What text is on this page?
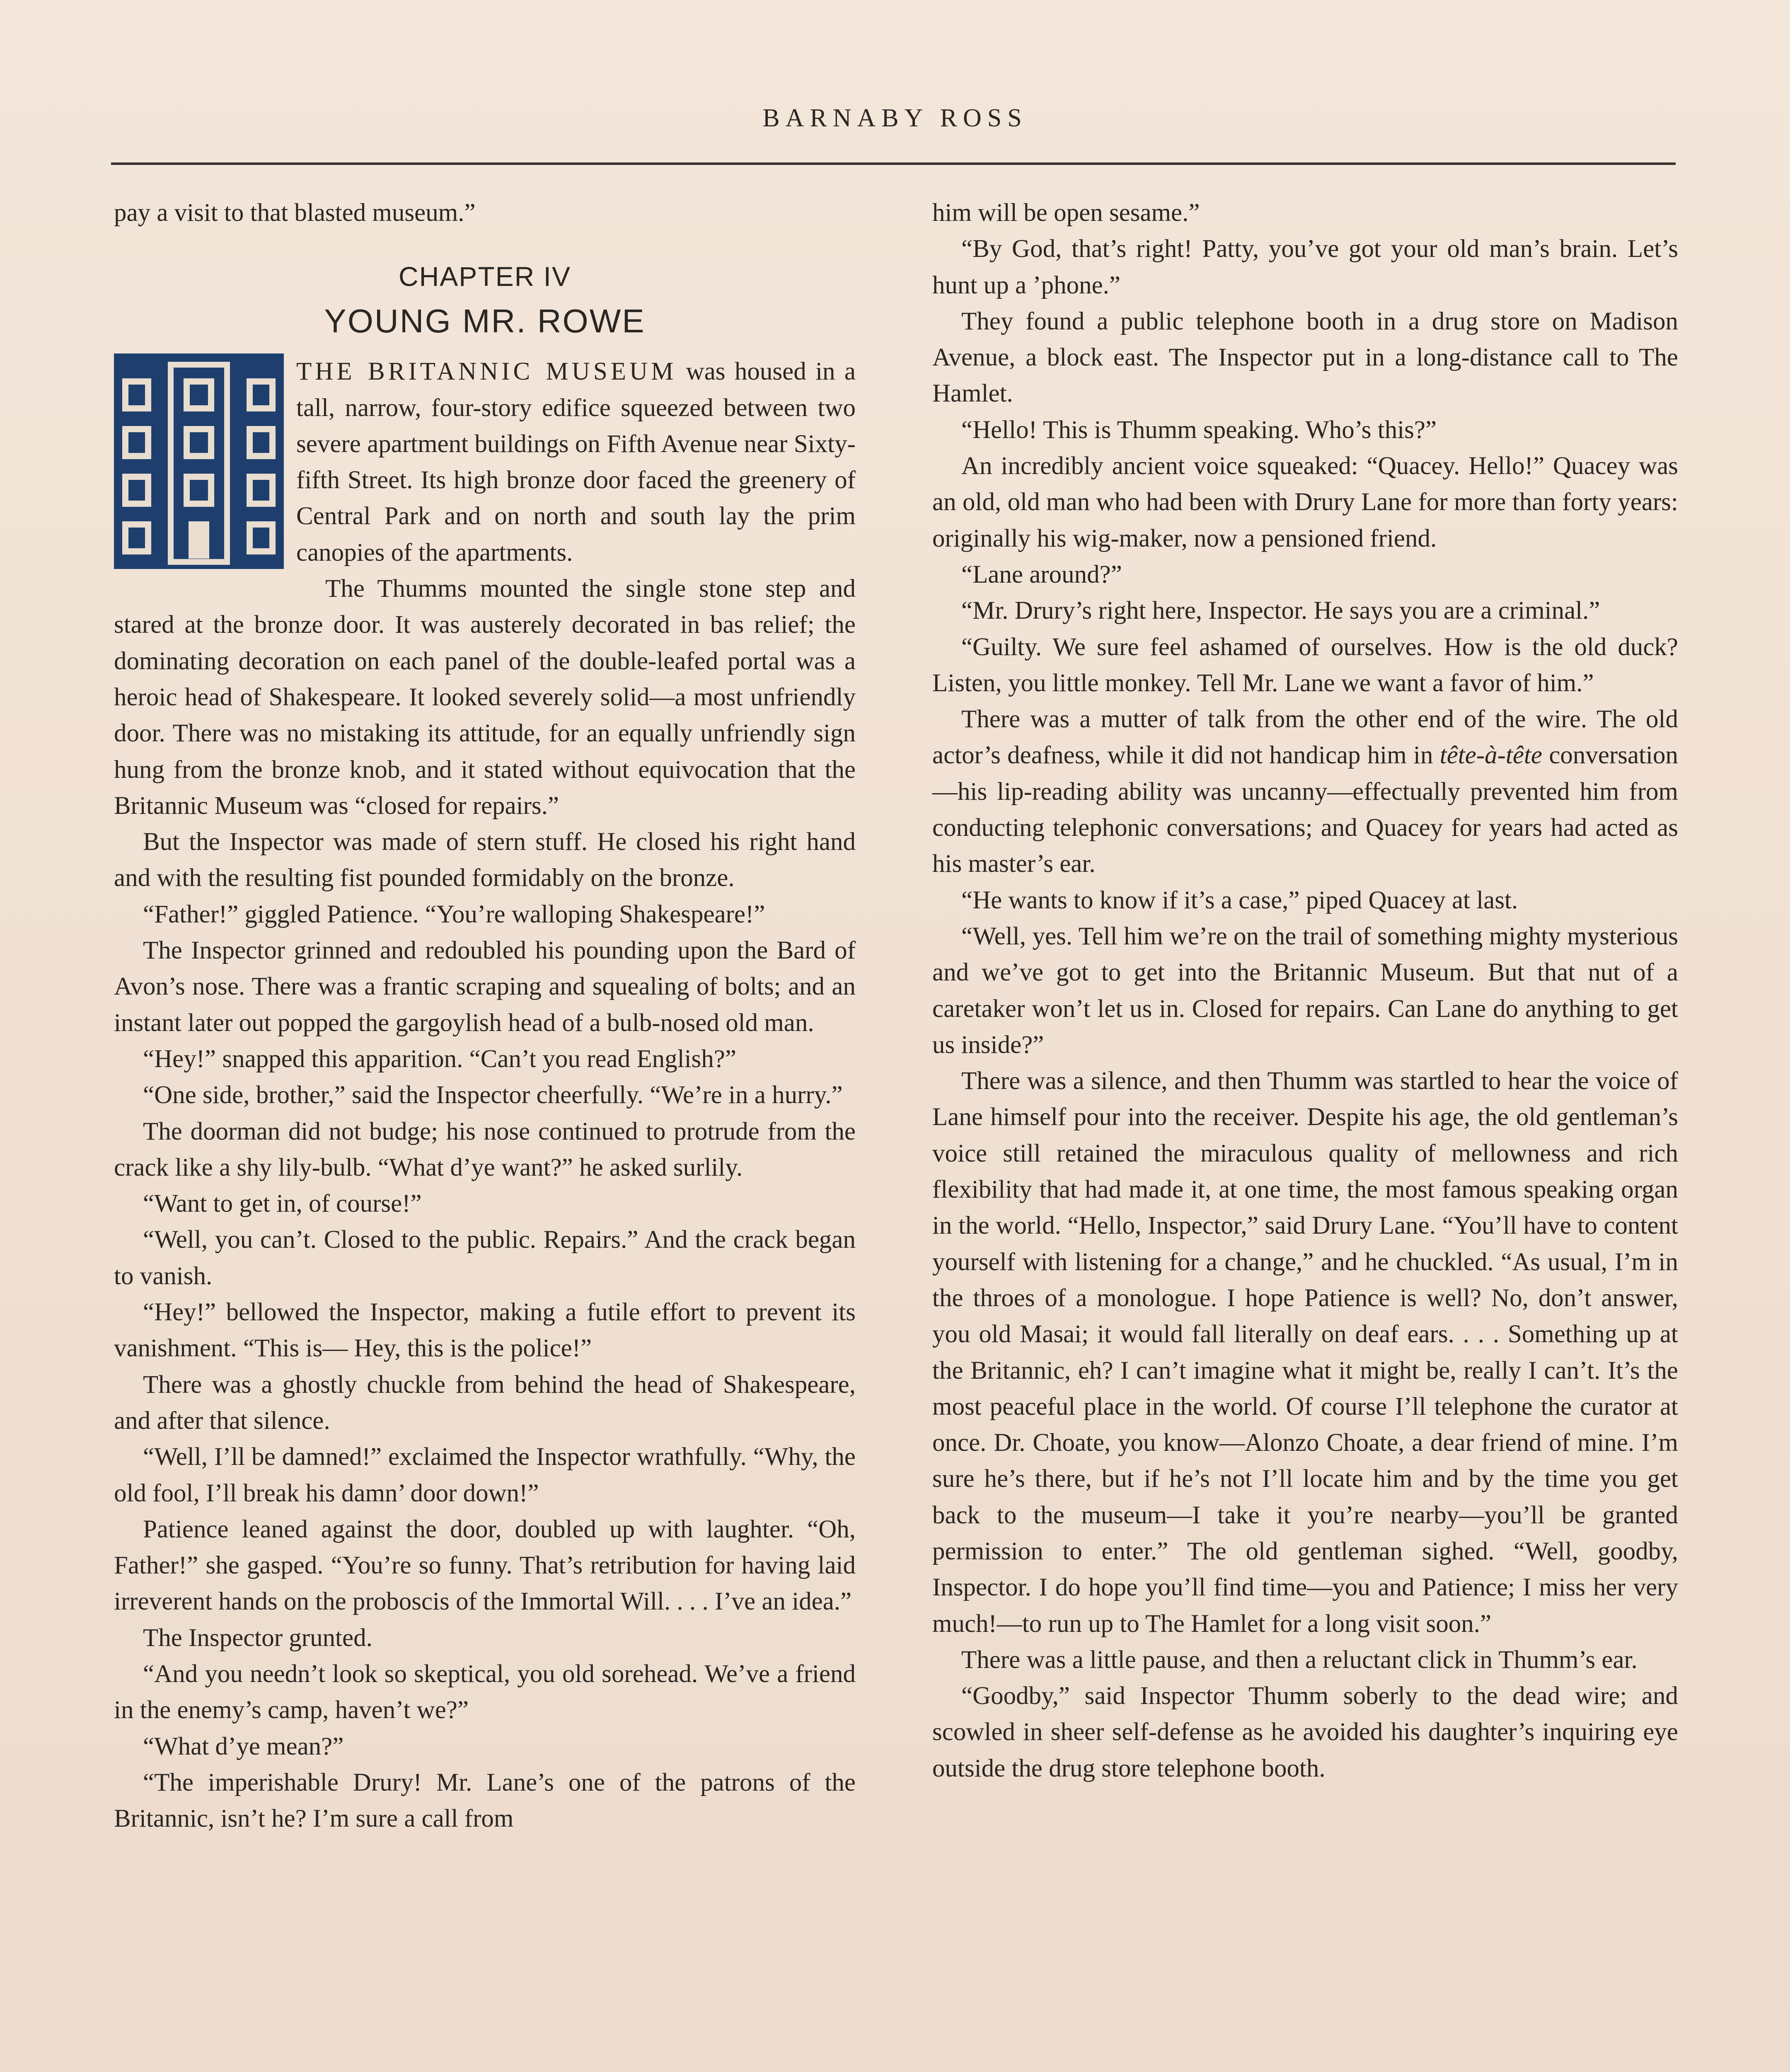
BARNABY ROSS

pay a visit to that blasted museum.”

CHAPTER IV
YOUNG MR. ROWE

THE BRITANNIC MUSEUM was housed in a tall, narrow, four-story edifice squeezed between two severe apartment buildings on Fifth Avenue near Sixty-fifth Street. Its high bronze door faced the greenery of Central Park and on north and south lay the prim canopies of the apartments.

The Thumms mounted the single stone step and stared at the bronze door. It was austerely decorated in bas relief; the dominating decoration on each panel of the double-leafed portal was a heroic head of Shakespeare. It looked severely solid—a most unfriendly door. There was no mistaking its attitude, for an equally unfriendly sign hung from the bronze knob, and it stated without equivocation that the Britannic Museum was “closed for repairs.”

But the Inspector was made of stern stuff. He closed his right hand and with the resulting fist pounded formidably on the bronze.

“Father!” giggled Patience. “You’re walloping Shakespeare!”

The Inspector grinned and redoubled his pounding upon the Bard of Avon’s nose. There was a frantic scraping and squealing of bolts; and an instant later out popped the gargoylish head of a bulb-nosed old man.

“Hey!” snapped this apparition. “Can’t you read English?”

“One side, brother,” said the Inspector cheerfully. “We’re in a hurry.”

The doorman did not budge; his nose continued to protrude from the crack like a shy lily-bulb. “What d’ye want?” he asked surlily.

“Want to get in, of course!”

“Well, you can’t. Closed to the public. Repairs.” And the crack began to vanish.

“Hey!” bellowed the Inspector, making a futile effort to prevent its vanishment. “This is— Hey, this is the police!”

There was a ghostly chuckle from behind the head of Shakespeare, and after that silence.

“Well, I’ll be damned!” exclaimed the Inspector wrathfully. “Why, the old fool, I’ll break his damn’ door down!”

Patience leaned against the door, doubled up with laughter. “Oh, Father!” she gasped. “You’re so funny. That’s retribution for having laid irreverent hands on the proboscis of the Immortal Will. . . . I’ve an idea.”

The Inspector grunted.

“And you needn’t look so skeptical, you old sorehead. We’ve a friend in the enemy’s camp, haven’t we?”

“What d’ye mean?”

“The imperishable Drury! Mr. Lane’s one of the patrons of the Britannic, isn’t he? I’m sure a call from

him will be open sesame.”

“By God, that’s right! Patty, you’ve got your old man’s brain. Let’s hunt up a ’phone.”

They found a public telephone booth in a drug store on Madison Avenue, a block east. The Inspector put in a long-distance call to The Hamlet.

“Hello! This is Thumm speaking. Who’s this?”

An incredibly ancient voice squeaked: “Quacey. Hello!” Quacey was an old, old man who had been with Drury Lane for more than forty years: originally his wig-maker, now a pensioned friend.

“Lane around?”

“Mr. Drury’s right here, Inspector. He says you are a criminal.”

“Guilty. We sure feel ashamed of ourselves. How is the old duck? Listen, you little monkey. Tell Mr. Lane we want a favor of him.”

There was a mutter of talk from the other end of the wire. The old actor’s deafness, while it did not handicap him in tête-à-tête conversation—his lip-reading ability was uncanny—effectually prevented him from conducting telephonic conversations; and Quacey for years had acted as his master’s ear.

“He wants to know if it’s a case,” piped Quacey at last.

“Well, yes. Tell him we’re on the trail of something mighty mysterious and we’ve got to get into the Britannic Museum. But that nut of a caretaker won’t let us in. Closed for repairs. Can Lane do anything to get us inside?”

There was a silence, and then Thumm was startled to hear the voice of Lane himself pour into the receiver. Despite his age, the old gentleman’s voice still retained the miraculous quality of mellowness and rich flexibility that had made it, at one time, the most famous speaking organ in the world. “Hello, Inspector,” said Drury Lane. “You’ll have to content yourself with listening for a change,” and he chuckled. “As usual, I’m in the throes of a monologue. I hope Patience is well? No, don’t answer, you old Masai; it would fall literally on deaf ears. . . . Something up at the Britannic, eh? I can’t imagine what it might be, really I can’t. It’s the most peaceful place in the world. Of course I’ll telephone the curator at once. Dr. Choate, you know—Alonzo Choate, a dear friend of mine. I’m sure he’s there, but if he’s not I’ll locate him and by the time you get back to the museum—I take it you’re nearby—you’ll be granted permission to enter.” The old gentleman sighed. “Well, goodby, Inspector. I do hope you’ll find time—you and Patience; I miss her very much!—to run up to The Hamlet for a long visit soon.”

There was a little pause, and then a reluctant click in Thumm’s ear.

“Goodby,” said Inspector Thumm soberly to the dead wire; and scowled in sheer self-defense as he avoided his daughter’s inquiring eye outside the drug store telephone booth.
